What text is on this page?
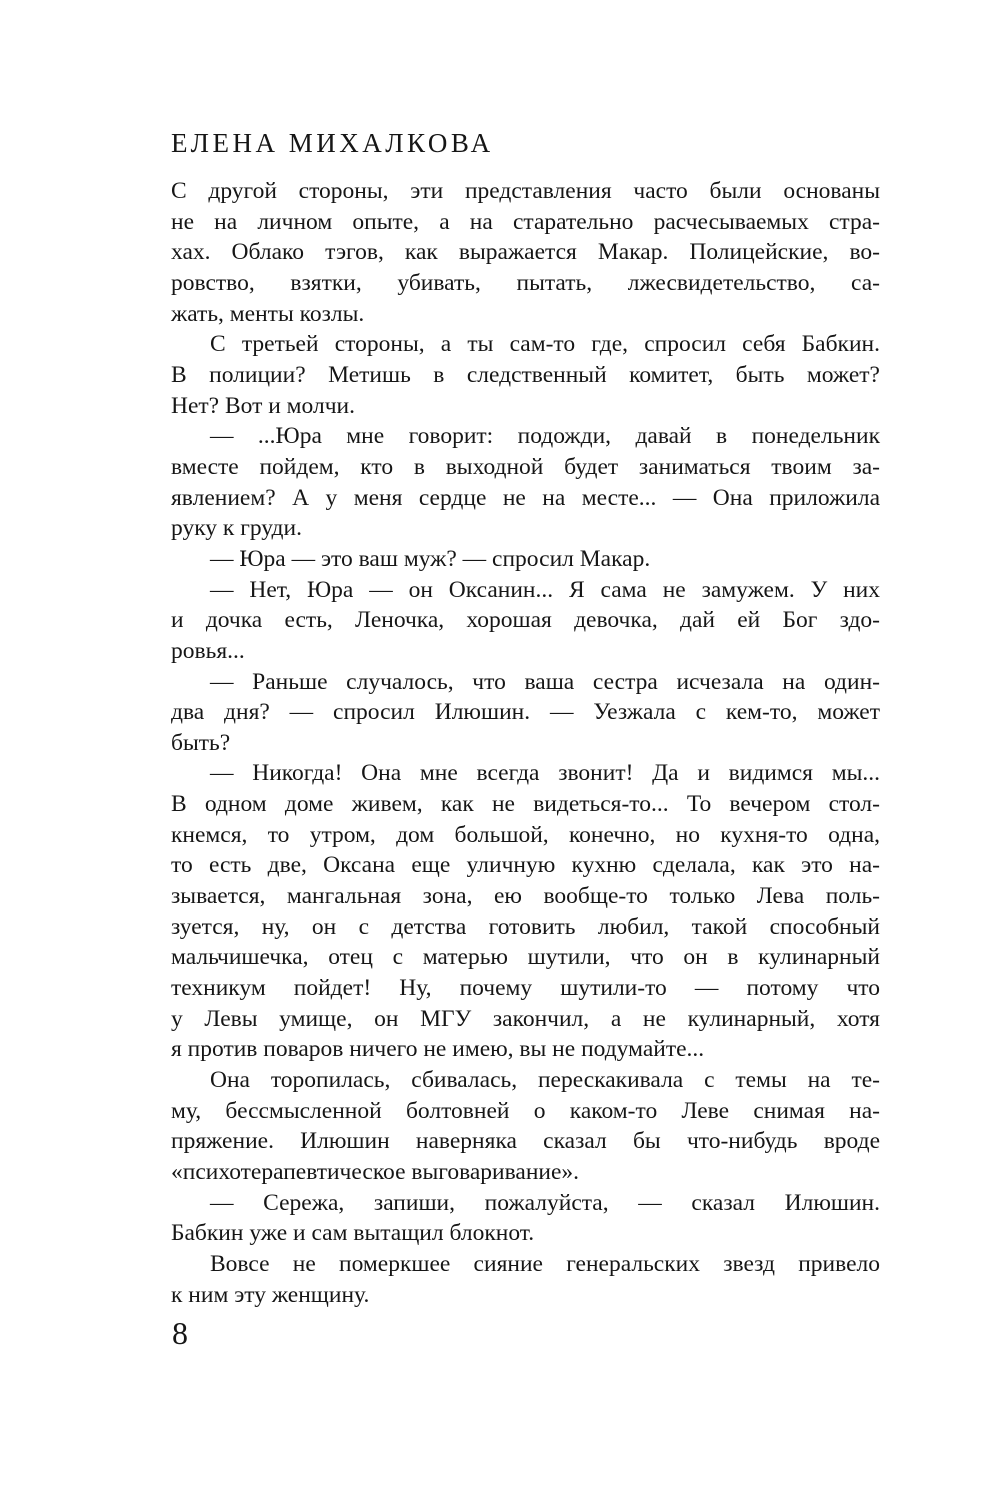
ЕЛЕНА МИХАЛКОВА

С другой стороны, эти представления часто были основаны
не на личном опыте, а на старательно расчесываемых стра-
хах. Облако тэгов, как выражается Макар. Полицейские, во-
ровство, взятки, убивать, пытать, лжесвидетельство, са-
жать, менты козлы.

С третьей стороны, а ты сам-то где, спросил себя Бабкин.
В полиции? Метишь в следственный комитет, быть может?
Нет? Вот и молчи.

— ...Юра мне говорит: подожди, давай в понедельник
вместе пойдем, кто в выходной будет заниматься твоим за-
явлением? А у меня сердце не на месте... — Она приложила
руку к груди.

— Юра — это ваш муж? — спросил Макар.

— Нет, Юра — он Оксанин... Я сама не замужем. У них
и дочка есть, Леночка, хорошая девочка, дай ей Бог здо-
ровья...

— Раньше случалось, что ваша сестра исчезала на один-
два дня? — спросил Илюшин. — Уезжала с кем-то, может
быть?

— Никогда! Она мне всегда звонит! Да и видимся мы...
В одном доме живем, как не видеться-то... То вечером стол-
кнемся, то утром, дом большой, конечно, но кухня-то одна,
то есть две, Оксана еще уличную кухню сделала, как это на-
зывается, мангальная зона, ею вообще-то только Лева поль-
зуется, ну, он с детства готовить любил, такой способный
мальчишечка, отец с матерью шутили, что он в кулинарный
техникум пойдет! Ну, почему шутили-то — потому что
у Левы умище, он МГУ закончил, а не кулинарный, хотя
я против поваров ничего не имею, вы не подумайте...

Она торопилась, сбивалась, перескакивала с темы на те-
му, бессмысленной болтовней о каком-то Леве снимая на-
пряжение. Илюшин наверняка сказал бы что-нибудь вроде
«психотерапевтическое выговаривание».

— Сережа, запиши, пожалуйста, — сказал Илюшин.
Бабкин уже и сам вытащил блокнот.

Вовсе не померкшее сияние генеральских звезд привело
к ним эту женщину.

8
